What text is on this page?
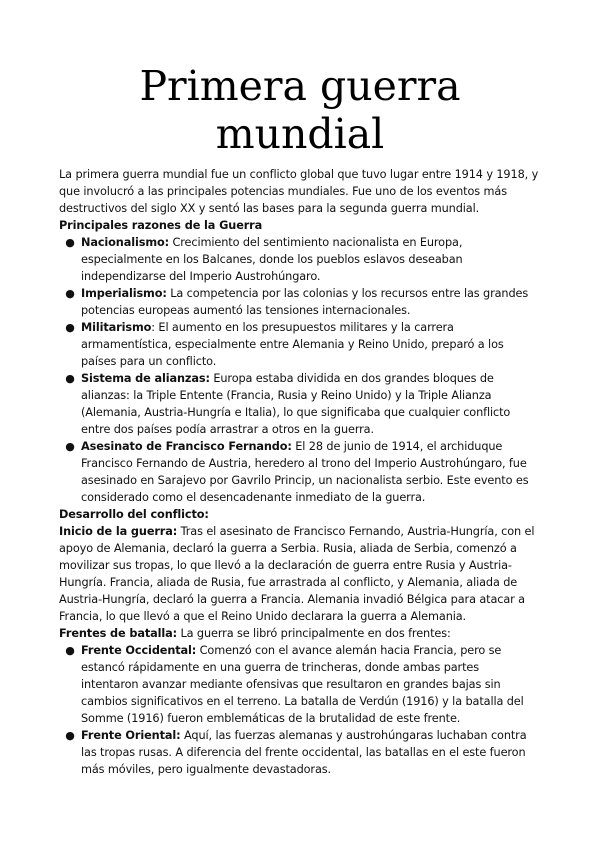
Primera guerra mundial

La primera guerra mundial fue un conflicto global que tuvo lugar entre 1914 y 1918, y que involucró a las principales potencias mundiales. Fue uno de los eventos más destructivos del siglo XX y sentó las bases para la segunda guerra mundial.

Principales razones de la Guerra

● Nacionalismo: Crecimiento del sentimiento nacionalista en Europa, especialmente en los Balcanes, donde los pueblos eslavos deseaban independizarse del Imperio Austrohúngaro.
● Imperialismo: La competencia por las colonias y los recursos entre las grandes potencias europeas aumentó las tensiones internacionales.
● Militarismo: El aumento en los presupuestos militares y la carrera armamentística, especialmente entre Alemania y Reino Unido, preparó a los países para un conflicto.
● Sistema de alianzas: Europa estaba dividida en dos grandes bloques de alianzas: la Triple Entente (Francia, Rusia y Reino Unido) y la Triple Alianza (Alemania, Austria-Hungría e Italia), lo que significaba que cualquier conflicto entre dos países podía arrastrar a otros en la guerra.
● Asesinato de Francisco Fernando: El 28 de junio de 1914, el archiduque Francisco Fernando de Austria, heredero al trono del Imperio Austrohúngaro, fue asesinado en Sarajevo por Gavrilo Princip, un nacionalista serbio. Este evento es considerado como el desencadenante inmediato de la guerra.

Desarrollo del conflicto:

Inicio de la guerra: Tras el asesinato de Francisco Fernando, Austria-Hungría, con el apoyo de Alemania, declaró la guerra a Serbia. Rusia, aliada de Serbia, comenzó a movilizar sus tropas, lo que llevó a la declaración de guerra entre Rusia y Austria-Hungría. Francia, aliada de Rusia, fue arrastrada al conflicto, y Alemania, aliada de Austria-Hungría, declaró la guerra a Francia. Alemania invadió Bélgica para atacar a Francia, lo que llevó a que el Reino Unido declarara la guerra a Alemania.

Frentes de batalla: La guerra se libró principalmente en dos frentes:

● Frente Occidental: Comenzó con el avance alemán hacia Francia, pero se estancó rápidamente en una guerra de trincheras, donde ambas partes intentaron avanzar mediante ofensivas que resultaron en grandes bajas sin cambios significativos en el terreno. La batalla de Verdún (1916) y la batalla del Somme (1916) fueron emblemáticas de la brutalidad de este frente.
● Frente Oriental: Aquí, las fuerzas alemanas y austrohúngaras luchaban contra las tropas rusas. A diferencia del frente occidental, las batallas en el este fueron más móviles, pero igualmente devastadoras.
